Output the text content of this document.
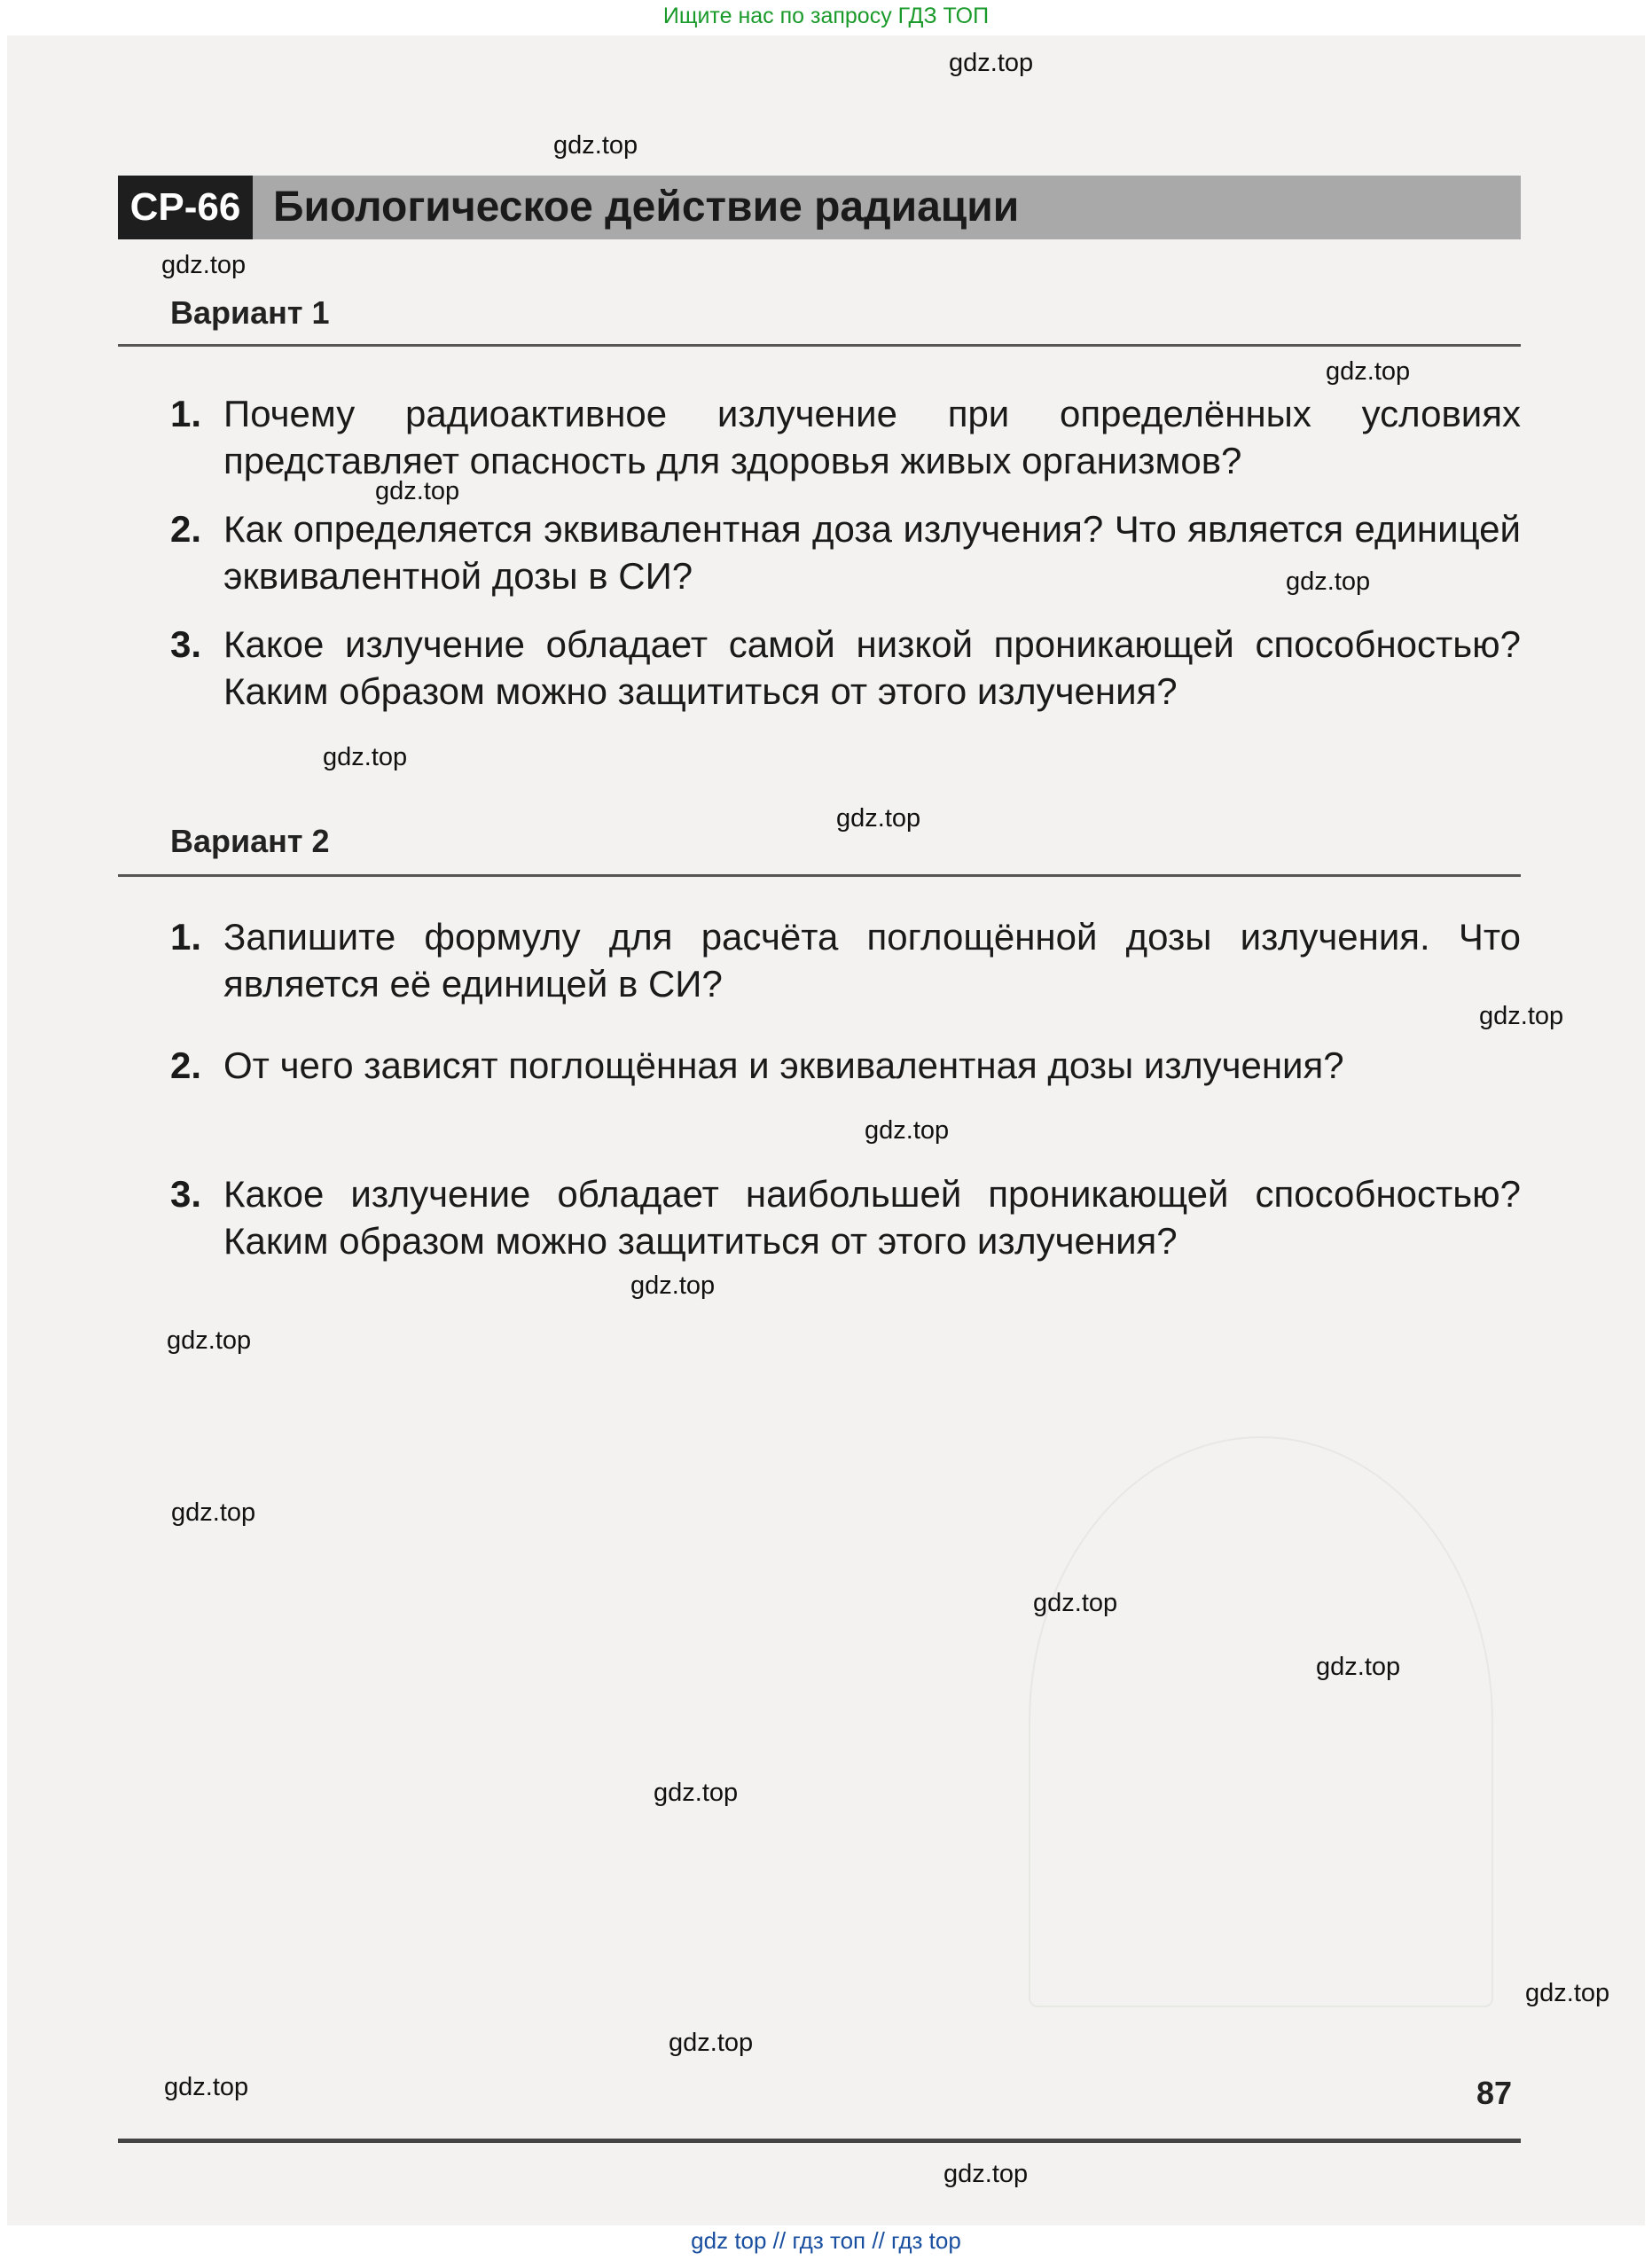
Ищите нас по запросу ГДЗ ТОП
СР-66 Биологическое действие радиации
Вариант 1
1. Почему радиоактивное излучение при определённых условиях представляет опасность для здоровья живых организмов?
2. Как определяется эквивалентная доза излучения? Что является единицей эквивалентной дозы в СИ?
3. Какое излучение обладает самой низкой проникающей способностью? Каким образом можно защититься от этого излучения?
Вариант 2
1. Запишите формулу для расчёта поглощённой дозы излучения. Что является её единицей в СИ?
2. От чего зависят поглощённая и эквивалентная дозы излучения?
3. Какое излучение обладает наибольшей проникающей способностью? Каким образом можно защититься от этого излучения?
87
gdz.top
gdz.top
gdz.top
gdz.top
gdz.top
gdz.top
gdz.top
gdz.top
gdz.top
gdz.top
gdz.top
gdz.top
gdz.top
gdz.top
gdz.top
gdz.top
gdz.top
gdz.top
gdz.top
gdz.top
gdz top // гдз топ // гдз top
